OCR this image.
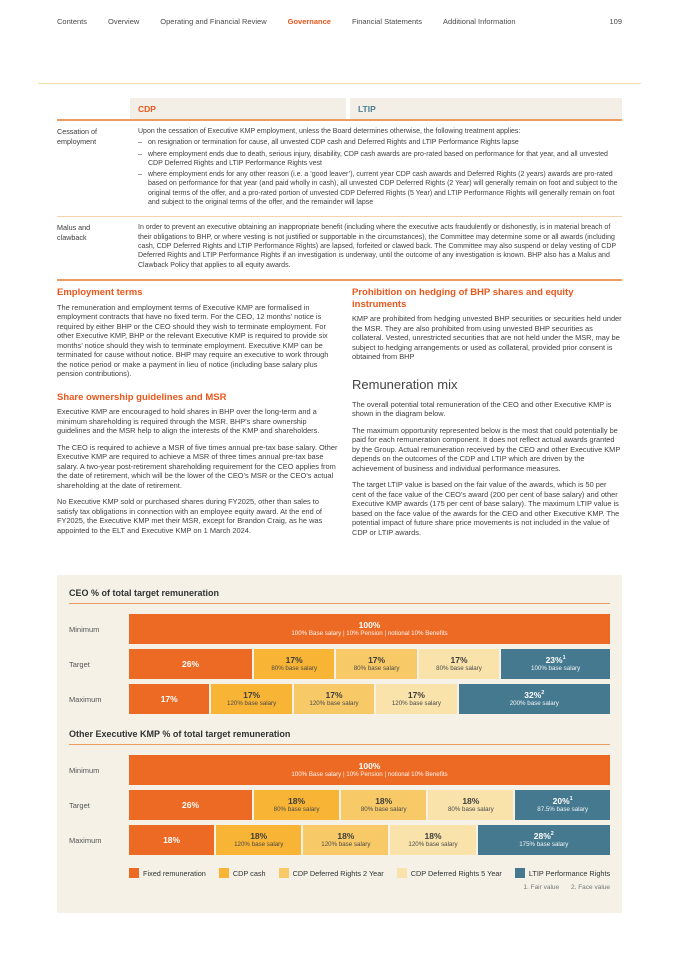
Contents	Overview	Operating and Financial Review	Governance	Financial Statements	Additional Information	109
CDP	LTIP
Cessation of employment

Upon the cessation of Executive KMP employment, unless the Board determines otherwise, the following treatment applies:

– on resignation or termination for cause, all unvested CDP cash and Deferred Rights and LTIP Performance Rights lapse
– where employment ends due to death, serious injury, disability, CDP cash awards are pro-rated based on performance for that year, and all unvested CDP Deferred Rights and LTIP Performance Rights vest
– where employment ends for any other reason (i.e. a ‘good leaver’), current year CDP cash awards and Deferred Rights (2 years) awards are pro-rated based on performance for that year (and paid wholly in cash), all unvested CDP Deferred Rights (2 Year) will generally remain on foot and subject to the original terms of the offer, and a pro-rated portion of unvested CDP Deferred Rights (5 Year) and LTIP Performance Rights will generally remain on foot and subject to the original terms of the offer, and the remainder will lapse
Malus and clawback

In order to prevent an executive obtaining an inappropriate benefit (including where the executive acts fraudulently or dishonestly, is in material breach of their obligations to BHP, or where vesting is not justified or supportable in the circumstances), the Committee may determine some or all awards (including cash, CDP Deferred Rights and LTIP Performance Rights) are lapsed, forfeited or clawed back. The Committee may also suspend or delay vesting of CDP Deferred Rights and LTIP Performance Rights if an investigation is underway, until the outcome of any investigation is known. BHP also has a Malus and Clawback Policy that applies to all equity awards.

Employment terms

The remuneration and employment terms of Executive KMP are formalised in employment contracts that have no fixed term. For the CEO, 12 months’ notice is required by either BHP or the CEO should they wish to terminate employment. For other Executive KMP, BHP or the relevant Executive KMP is required to provide six months’ notice should they wish to terminate employment. Executive KMP can be terminated for cause without notice. BHP may require an executive to work through the notice period or make a payment in lieu of notice (including base salary plus pension contributions).

Share ownership guidelines and MSR

Executive KMP are encouraged to hold shares in BHP over the long-term and a minimum shareholding is required through the MSR. BHP’s share ownership guidelines and the MSR help to align the interests of the KMP and shareholders.

The CEO is required to achieve a MSR of five times annual pre-tax base salary. Other Executive KMP are required to achieve a MSR of three times annual pre-tax base salary. A two-year post-retirement shareholding requirement for the CEO applies from the date of retirement, which will be the lower of the CEO’s MSR or the CEO’s actual shareholding at the date of retirement.

No Executive KMP sold or purchased shares during FY2025, other than sales to satisfy tax obligations in connection with an employee equity award. At the end of FY2025, the Executive KMP met their MSR, except for Brandon Craig, as he was appointed to the ELT and Executive KMP on 1 March 2024.

Prohibition on hedging of BHP shares and equity instruments

KMP are prohibited from hedging unvested BHP securities or securities held under the MSR. They are also prohibited from using unvested BHP securities as collateral. Vested, unrestricted securities that are not held under the MSR, may be subject to hedging arrangements or used as collateral, provided prior consent is obtained from BHP

Remuneration mix

The overall potential total remuneration of the CEO and other Executive KMP is shown in the diagram below.

The maximum opportunity represented below is the most that could potentially be paid for each remuneration component. It does not reflect actual awards granted by the Group. Actual remuneration received by the CEO and other Executive KMP depends on the outcomes of the CDP and LTIP which are driven by the achievement of business and individual performance measures.

The target LTIP value is based on the fair value of the awards, which is 50 per cent of the face value of the CEO’s award (200 per cent of base salary) and other Executive KMP awards (175 per cent of base salary). The maximum LTIP value is based on the face value of the awards for the CEO and other Executive KMP. The potential impact of future share price movements is not included in the value of CDP or LTIP awards.

CEO % of total target remuneration
Minimum	100%
100% Base salary | 10% Pension | notional 10% Benefits
Target	26%	17%
80% base salary
17%
80% base salary
17%
80% base salary
23%$^1$
100% base salary
Maximum	17%	17%
120% base salary
17%
120% base salary
17%
120% base salary
32%$^2$
200% base salary
Other Executive KMP % of total target remuneration
Minimum	100%
100% Base salary | 10% Pension | notional 10% Benefits
Target	26%	18%
80% base salary
18%
80% base salary
18%
80% base salary
20%$^1$
87.5% base salary
Maximum	18%	18%
120% base salary
18%
120% base salary
18%
120% base salary
28%$^2$
175% base salary
Fixed remuneration	CDP cash	CDP Deferred Rights 2 Year	CDP Deferred Rights 5 Year	LTIP Performance Rights
1. Fair value 2. Face value
